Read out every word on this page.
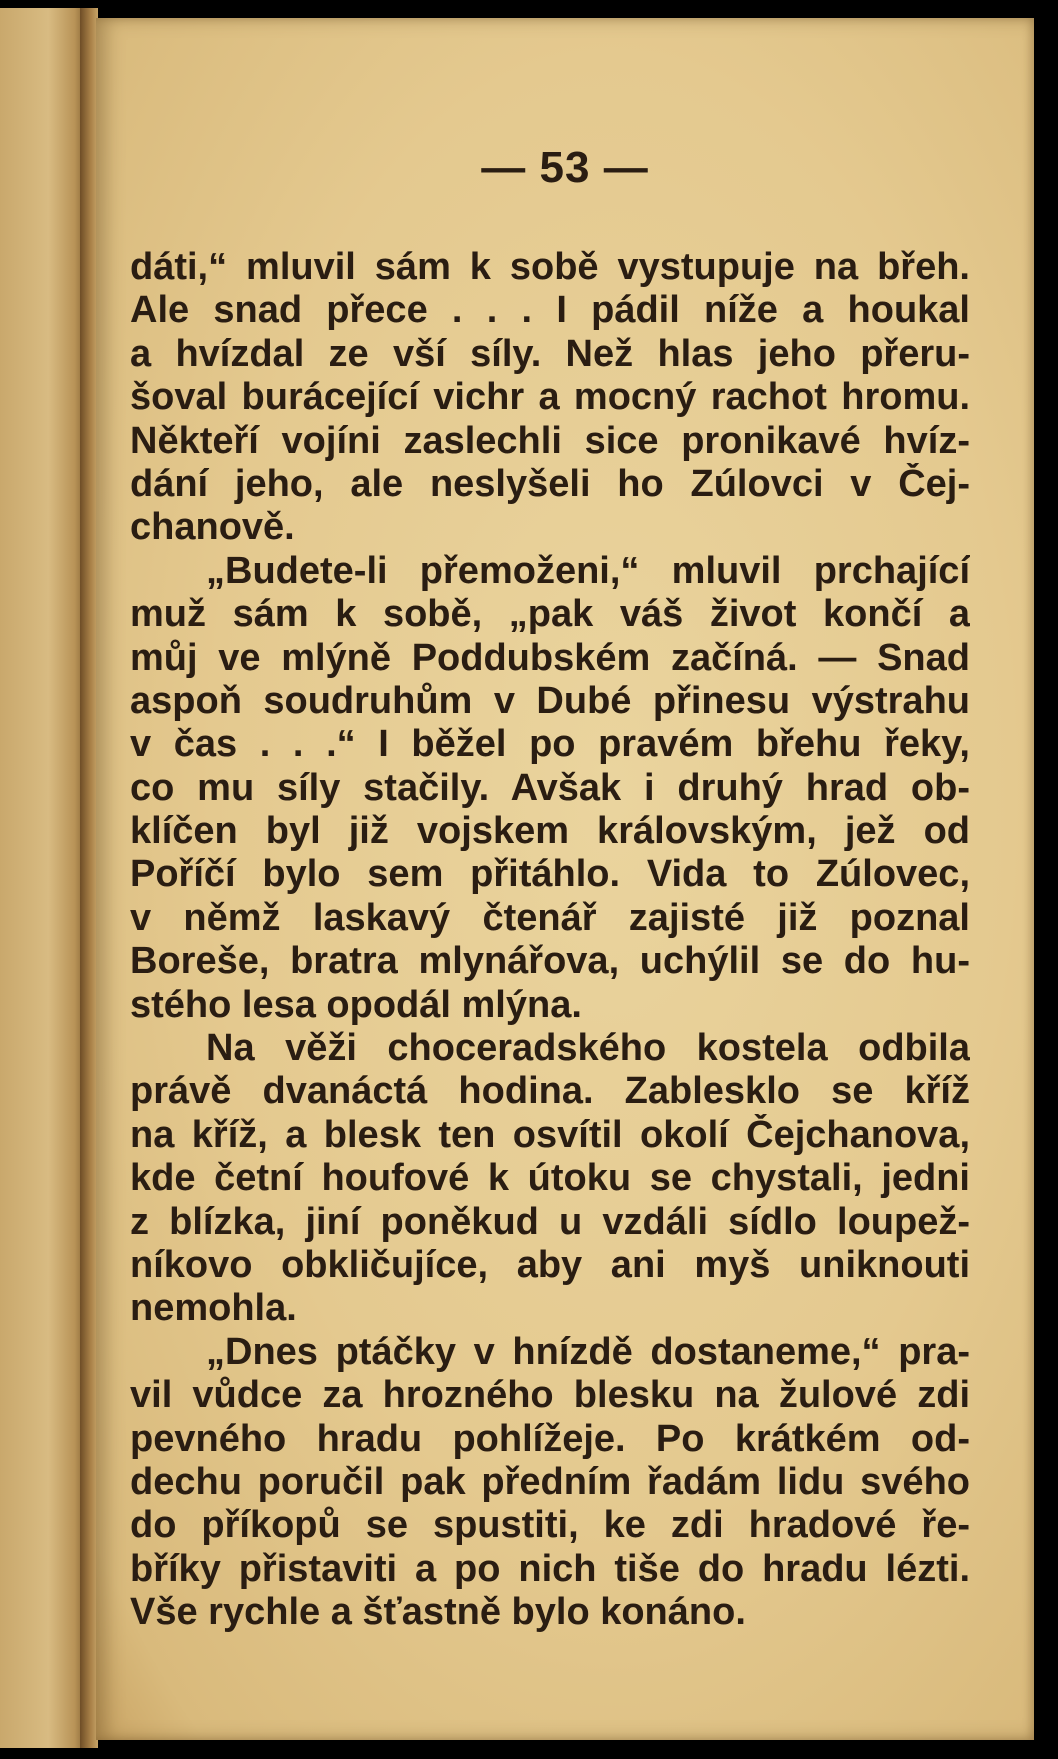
— 53 —
dáti,“ mluvil sám k sobě vystupuje na břeh.
Ale snad přece . . . I pádil níže a houkal
a hvízdal ze vší síly. Než hlas jeho přeru-
šoval burácející vichr a mocný rachot hromu.
Někteří vojíni zaslechli sice pronikavé hvíz-
dání jeho, ale neslyšeli ho Zúlovci v Čej-
chanově.
„Budete-li přemoženi,“ mluvil prchající
muž sám k sobě, „pak váš život končí a
můj ve mlýně Poddubském začíná. — Snad
aspoň soudruhům v Dubé přinesu výstrahu
v čas . . .“ I běžel po pravém břehu řeky,
co mu síly stačily. Avšak i druhý hrad ob-
klíčen byl již vojskem královským, jež od
Poříčí bylo sem přitáhlo. Vida to Zúlovec,
v němž laskavý čtenář zajisté již poznal
Boreše, bratra mlynářova, uchýlil se do hu-
stého lesa opodál mlýna.
Na věži choceradského kostela odbila
právě dvanáctá hodina. Zablesklo se kříž
na kříž, a blesk ten osvítil okolí Čejchanova,
kde četní houfové k útoku se chystali, jedni
z blízka, jiní poněkud u vzdáli sídlo loupež-
níkovo obkličujíce, aby ani myš uniknouti
nemohla.
„Dnes ptáčky v hnízdě dostaneme,“ pra-
vil vůdce za hrozného blesku na žulové zdi
pevného hradu pohlížeje. Po krátkém od-
dechu poručil pak předním řadám lidu svého
do příkopů se spustiti, ke zdi hradové ře-
bříky přistaviti a po nich tiše do hradu lézti.
Vše rychle a šťastně bylo konáno.
